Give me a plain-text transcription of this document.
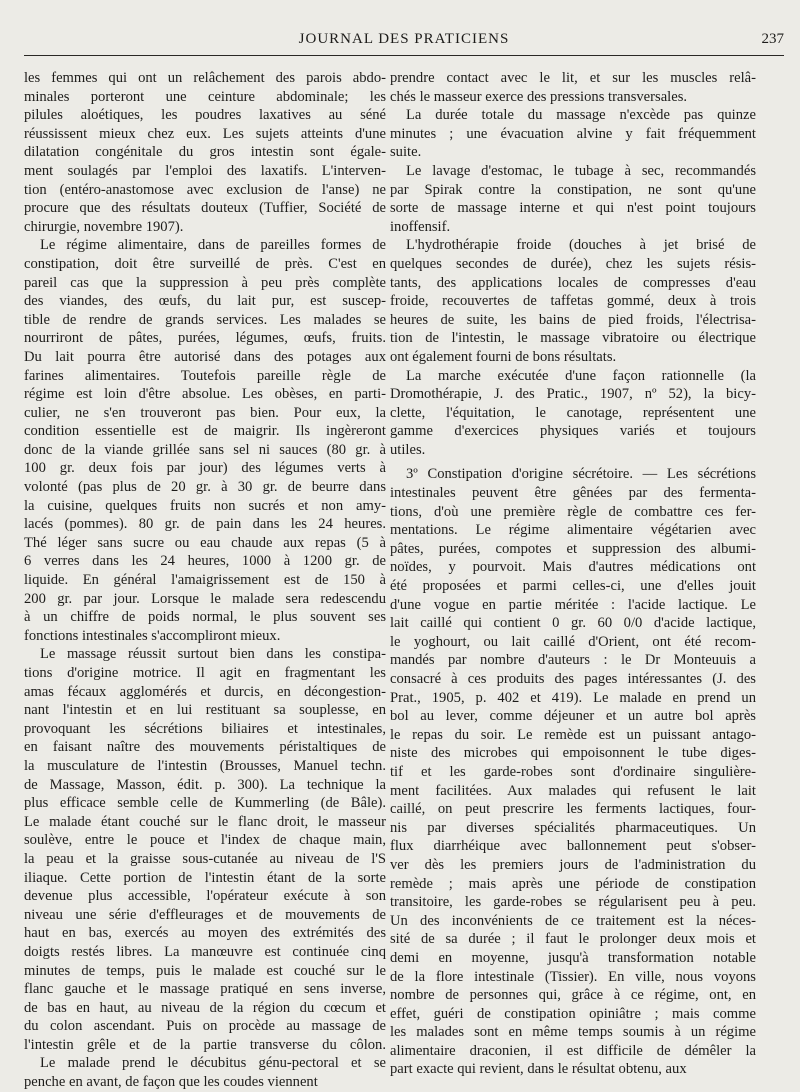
JOURNAL DES PRATICIENS	237
les femmes qui ont un relâchement des parois abdo-
minales porteront une ceinture abdominale; les
pilules aloétiques, les poudres laxatives au séné
réussissent mieux chez eux. Les sujets atteints d'une
dilatation congénitale du gros intestin sont égale-
ment soulagés par l'emploi des laxatifs. L'interven-
tion (entéro-anastomose avec exclusion de l'anse) ne
procure que des résultats douteux (Tuffier, Société de
chirurgie, novembre 1907).
Le régime alimentaire, dans de pareilles formes de
constipation, doit être surveillé de près. C'est en
pareil cas que la suppression à peu près complète
des viandes, des œufs, du lait pur, est suscep-
tible de rendre de grands services. Les malades se
nourriront de pâtes, purées, légumes, œufs, fruits.
Du lait pourra être autorisé dans des potages aux
farines alimentaires. Toutefois pareille règle de
régime est loin d'être absolue. Les obèses, en parti-
culier, ne s'en trouveront pas bien. Pour eux, la
condition essentielle est de maigrir. Ils ingèreront
donc de la viande grillée sans sel ni sauces (80 gr. à
100 gr. deux fois par jour) des légumes verts à
volonté (pas plus de 20 gr. à 30 gr. de beurre dans
la cuisine, quelques fruits non sucrés et non amy-
lacés (pommes). 80 gr. de pain dans les 24 heures.
Thé léger sans sucre ou eau chaude aux repas (5 à
6 verres dans les 24 heures, 1000 à 1200 gr. de
liquide. En général l'amaigrissement est de 150 à
200 gr. par jour. Lorsque le malade sera redescendu
à un chiffre de poids normal, le plus souvent ses
fonctions intestinales s'accompliront mieux.
Le massage réussit surtout bien dans les constipa-
tions d'origine motrice. Il agit en fragmentant les
amas fécaux agglomérés et durcis, en décongestion-
nant l'intestin et en lui restituant sa souplesse, en
provoquant les sécrétions biliaires et intestinales,
en faisant naître des mouvements péristaltiques de
la musculature de l'intestin (Brousses, Manuel techn.
de Massage, Masson, édit. p. 300). La technique la
plus efficace semble celle de Kummerling (de Bâle).
Le malade étant couché sur le flanc droit, le masseur
soulève, entre le pouce et l'index de chaque main,
la peau et la graisse sous-cutanée au niveau de l'S
iliaque. Cette portion de l'intestin étant de la sorte
devenue plus accessible, l'opérateur exécute à son
niveau une série d'effleurages et de mouvements de
haut en bas, exercés au moyen des extrémités des
doigts restés libres. La manœuvre est continuée cinq
minutes de temps, puis le malade est couché sur le
flanc gauche et le massage pratiqué en sens inverse,
de bas en haut, au niveau de la région du cœcum et
du colon ascendant. Puis on procède au massage de
l'intestin grêle et de la partie transverse du côlon.
Le malade prend le décubitus génu-pectoral et se
penche en avant, de façon que les coudes viennent
prendre contact avec le lit, et sur les muscles relâ-
chés le masseur exerce des pressions transversales.
La durée totale du massage n'excède pas quinze
minutes ; une évacuation alvine y fait fréquemment
suite.
Le lavage d'estomac, le tubage à sec, recommandés
par Spirak contre la constipation, ne sont qu'une
sorte de massage interne et qui n'est point toujours
inoffensif.
L'hydrothérapie froide (douches à jet brisé de
quelques secondes de durée), chez les sujets résis-
tants, des applications locales de compresses d'eau
froide, recouvertes de taffetas gommé, deux à trois
heures de suite, les bains de pied froids, l'électrisa-
tion de l'intestin, le massage vibratoire ou électrique
ont également fourni de bons résultats.
La marche exécutée d'une façon rationnelle (la
Dromothérapie, J. des Pratic., 1907, nº 52), la bicy-
clette, l'équitation, le canotage, représentent une
gamme d'exercices physiques variés et toujours
utiles.
3º Constipation d'origine sécrétoire. — Les sécrétions
intestinales peuvent être gênées par des fermenta-
tions, d'où une première règle de combattre ces fer-
mentations. Le régime alimentaire végétarien avec
pâtes, purées, compotes et suppression des albumi-
noïdes, y pourvoit. Mais d'autres médications ont
été proposées et parmi celles-ci, une d'elles jouit
d'une vogue en partie méritée : l'acide lactique. Le
lait caillé qui contient 0 gr. 60 0/0 d'acide lactique,
le yoghourt, ou lait caillé d'Orient, ont été recom-
mandés par nombre d'auteurs : le Dr Monteuuis a
consacré à ces produits des pages intéressantes (J. des
Prat., 1905, p. 402 et 419). Le malade en prend un
bol au lever, comme déjeuner et un autre bol après
le repas du soir. Le remède est un puissant antago-
niste des microbes qui empoisonnent le tube diges-
tif et les garde-robes sont d'ordinaire singulière-
ment facilitées. Aux malades qui refusent le lait
caillé, on peut prescrire les ferments lactiques, four-
nis par diverses spécialités pharmaceutiques. Un
flux diarrhéique avec ballonnement peut s'obser-
ver dès les premiers jours de l'administration du
remède ; mais après une période de constipation
transitoire, les garde-robes se régularisent peu à peu.
Un des inconvénients de ce traitement est la néces-
sité de sa durée ; il faut le prolonger deux mois et
demi en moyenne, jusqu'à transformation notable
de la flore intestinale (Tissier). En ville, nous voyons
nombre de personnes qui, grâce à ce régime, ont, en
effet, guéri de constipation opiniâtre ; mais comme
les malades sont en même temps soumis à un régime
alimentaire draconien, il est difficile de démêler la
part exacte qui revient, dans le résultat obtenu, aux
